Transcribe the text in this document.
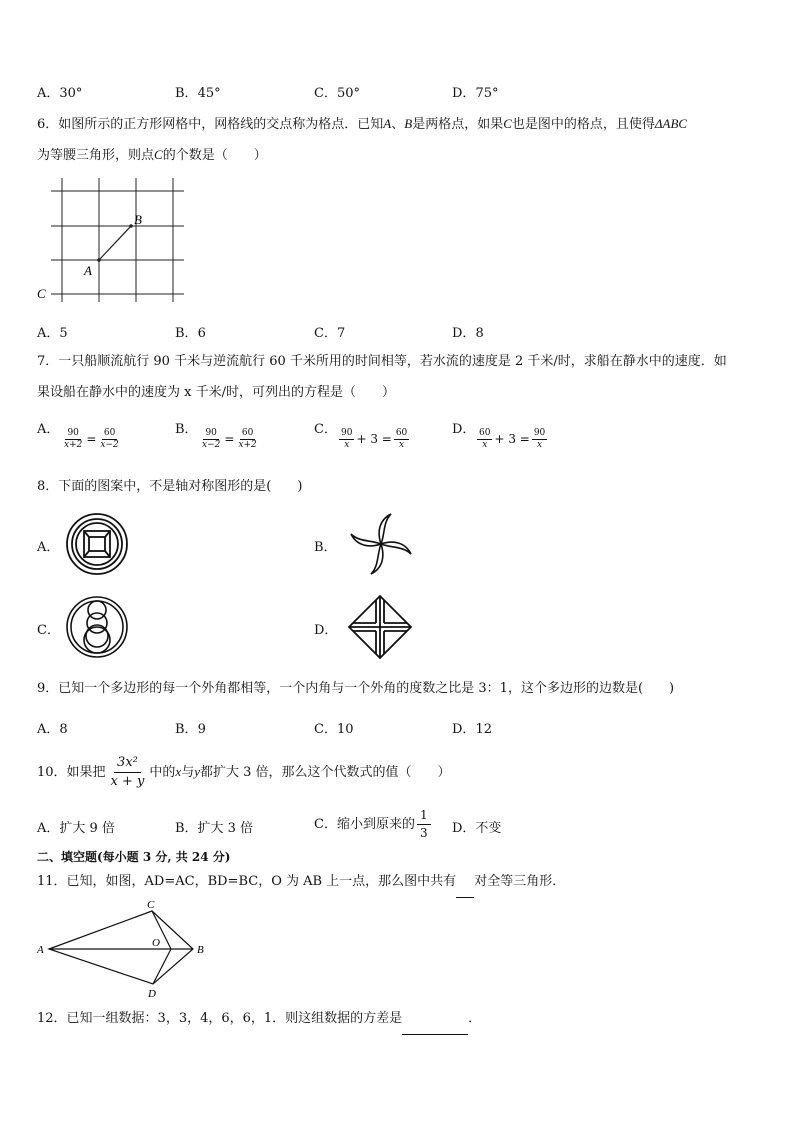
A．30°	B．45°	C．50°	D．75°
6．如图所示的正方形网格中，网格线的交点称为格点．已知A、B是两格点，如果C也是图中的格点，且使得ΔABC
为等腰三角形，则点C的个数是（　　）
A
B
C
A．5	B．6	C．7	D．8
7．一只船顺流航行 90 千米与逆流航行 60 千米所用的时间相等，若水流的速度是 2 千米/时，求船在静水中的速度．如
果设船在静水中的速度为 x 千米/时，可列出的方程是（　　）
A． $\frac{90}{x+2} = \frac{60}{x-2}$	B． $\frac{90}{x-2} = \frac{60}{x+2}$	C． $\frac{90}{x} + 3 = \frac{60}{x}$	D． $\frac{60}{x} + 3 = \frac{90}{x}$
8．下面的图案中，不是轴对称图形的是(　　)
A．	B．
C．	D．
9．已知一个多边形的每一个外角都相等，一个内角与一个外角的度数之比是 3：1，这个多边形的边数是(　　)
A．8	B．9	C．10	D．12
10．如果把 $\frac{\text{3x²}}{x + y}$ 中的x与y都扩大 3 倍，那么这个代数式的值（　　）
A．扩大 9 倍	B．扩大 3 倍	C．缩小到原来的 $\frac{1}{3}$ D．不变
二、填空题(每小题 3 分, 共 24 分)
11．已知，如图，AD=AC，BD=BC，O 为 AB 上一点，那么图中共有 对全等三角形．
A
C
O
B
D
12．已知一组数据：3，3，4，6，6，1．则这组数据的方差是	．
